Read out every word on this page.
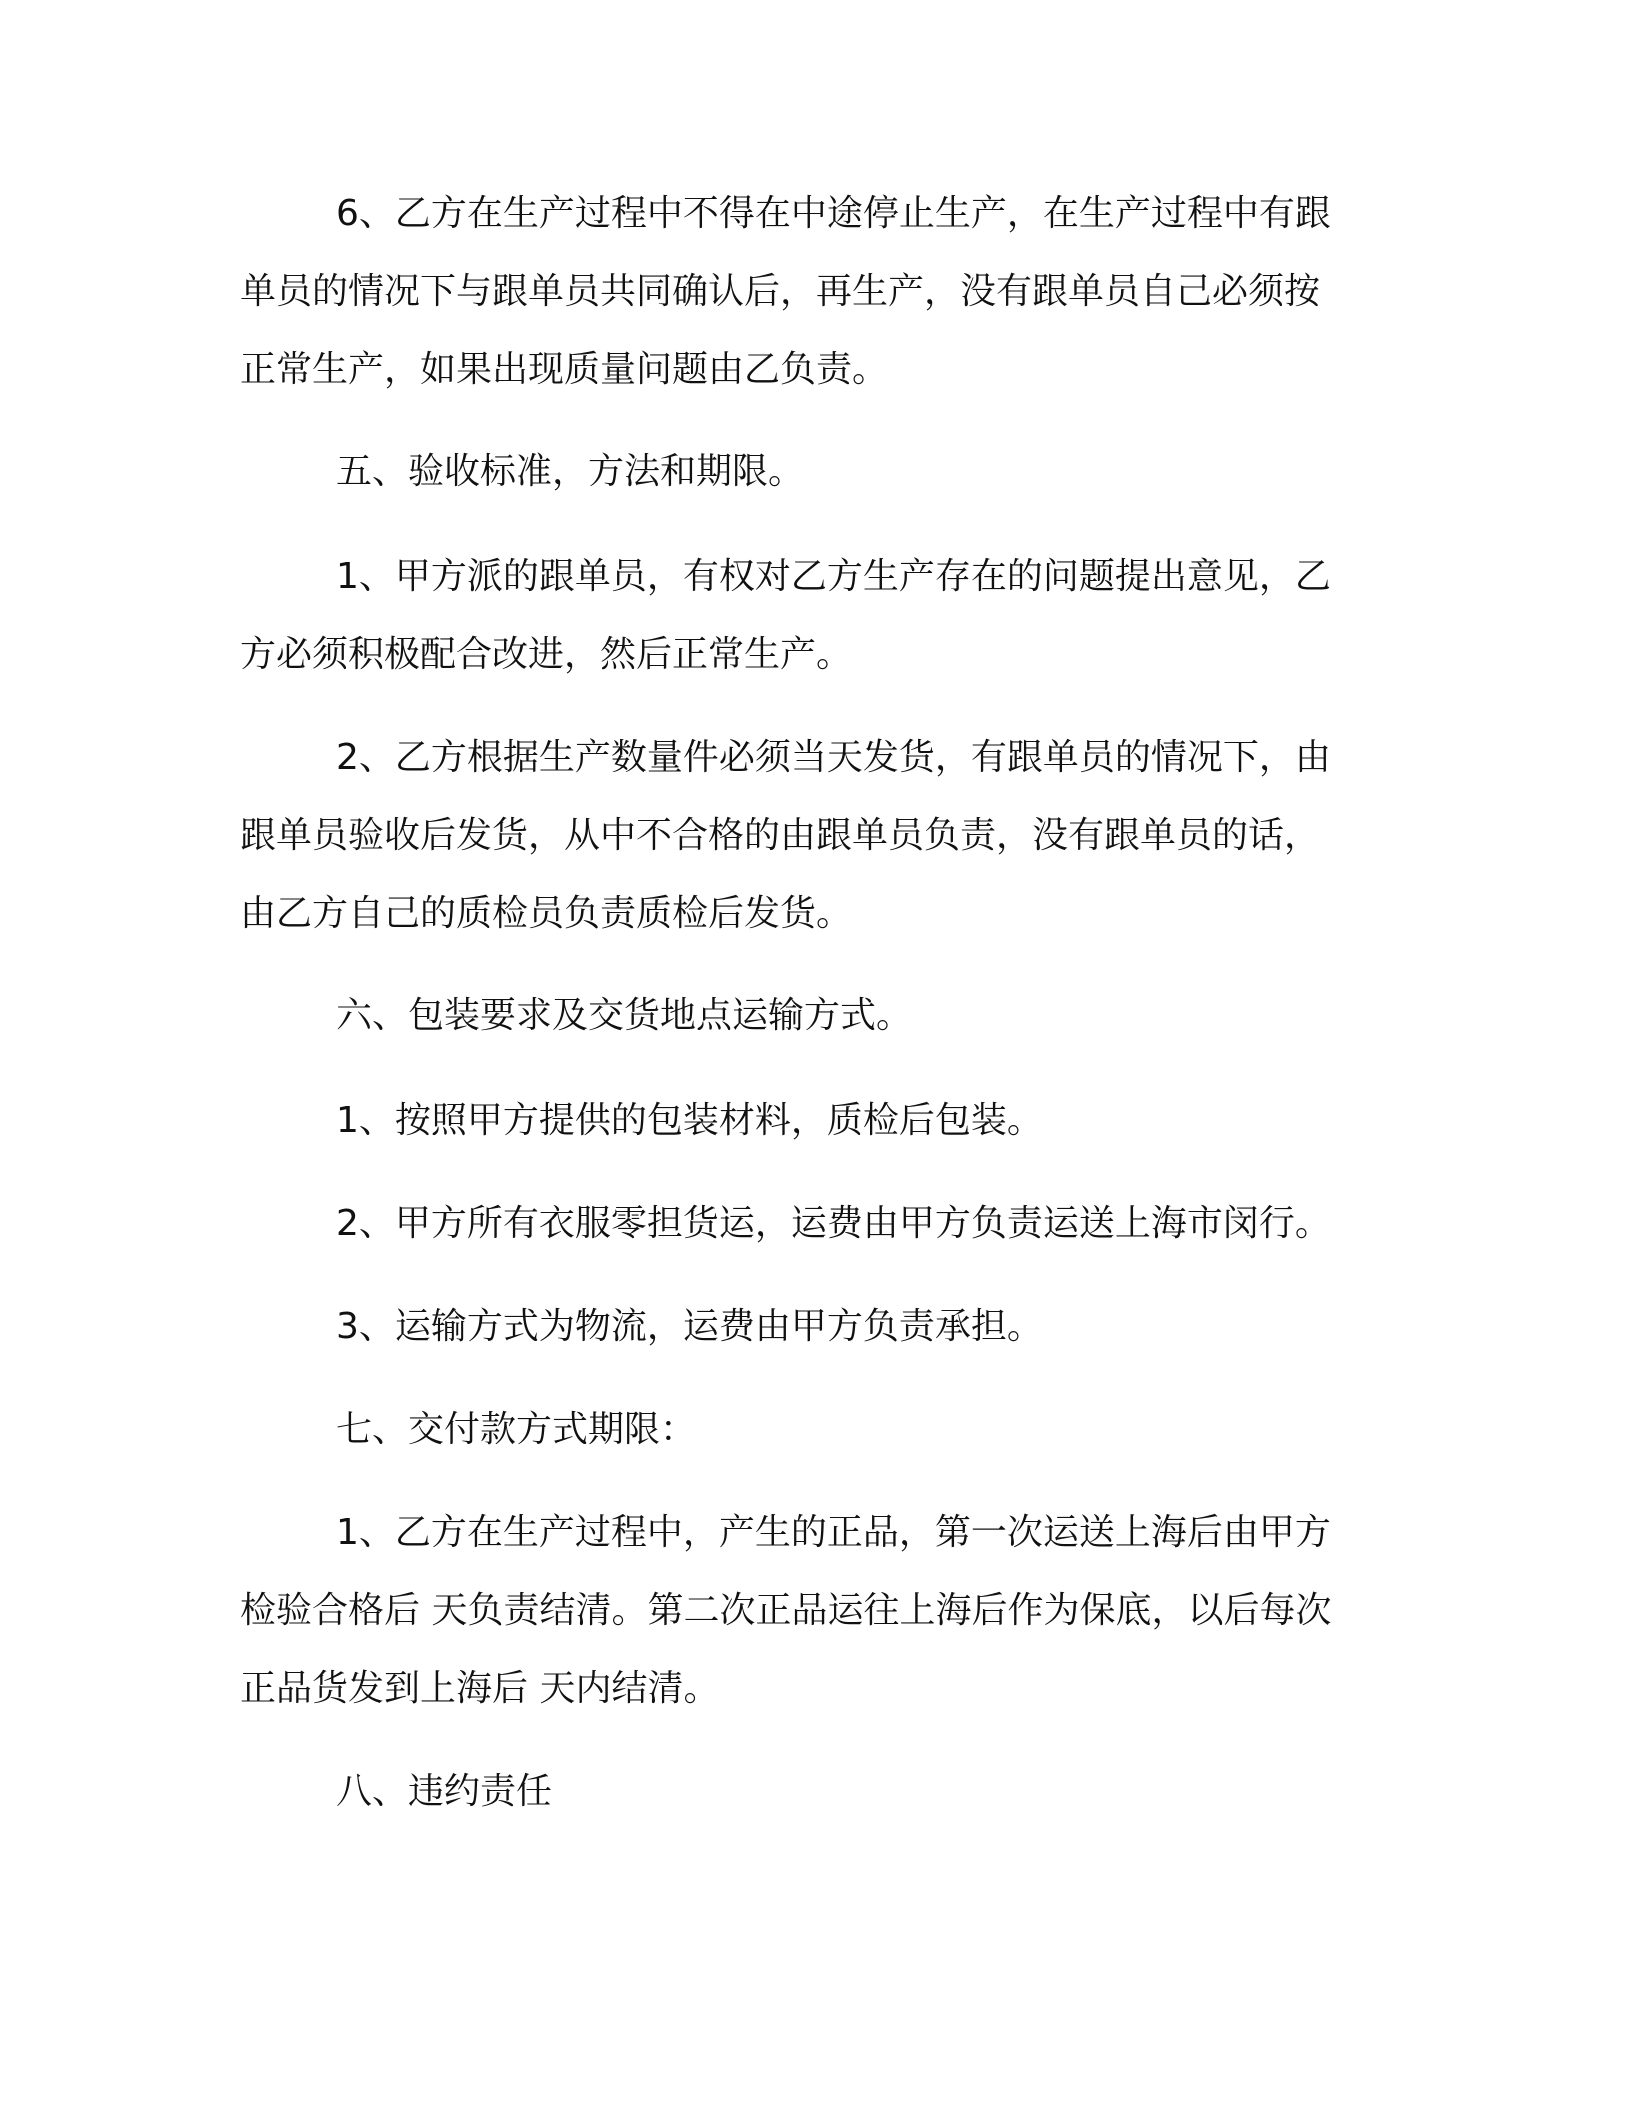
6、乙方在生产过程中不得在中途停止生产，在生产过程中有跟
单员的情况下与跟单员共同确认后，再生产，没有跟单员自己必须按
正常生产，如果出现质量问题由乙负责。
五、验收标准，方法和期限。
1、甲方派的跟单员，有权对乙方生产存在的问题提出意见，乙
方必须积极配合改进，然后正常生产。
2、乙方根据生产数量件必须当天发货，有跟单员的情况下，由
跟单员验收后发货，从中不合格的由跟单员负责，没有跟单员的话，
由乙方自己的质检员负责质检后发货。
六、包装要求及交货地点运输方式。
1、按照甲方提供的包装材料，质检后包装。
2、甲方所有衣服零担货运，运费由甲方负责运送上海市闵行。
3、运输方式为物流，运费由甲方负责承担。
七、交付款方式期限：
1、乙方在生产过程中，产生的正品，第一次运送上海后由甲方
检验合格后 天负责结清。第二次正品运往上海后作为保底，以后每次
正品货发到上海后 天内结清。
八、违约责任
